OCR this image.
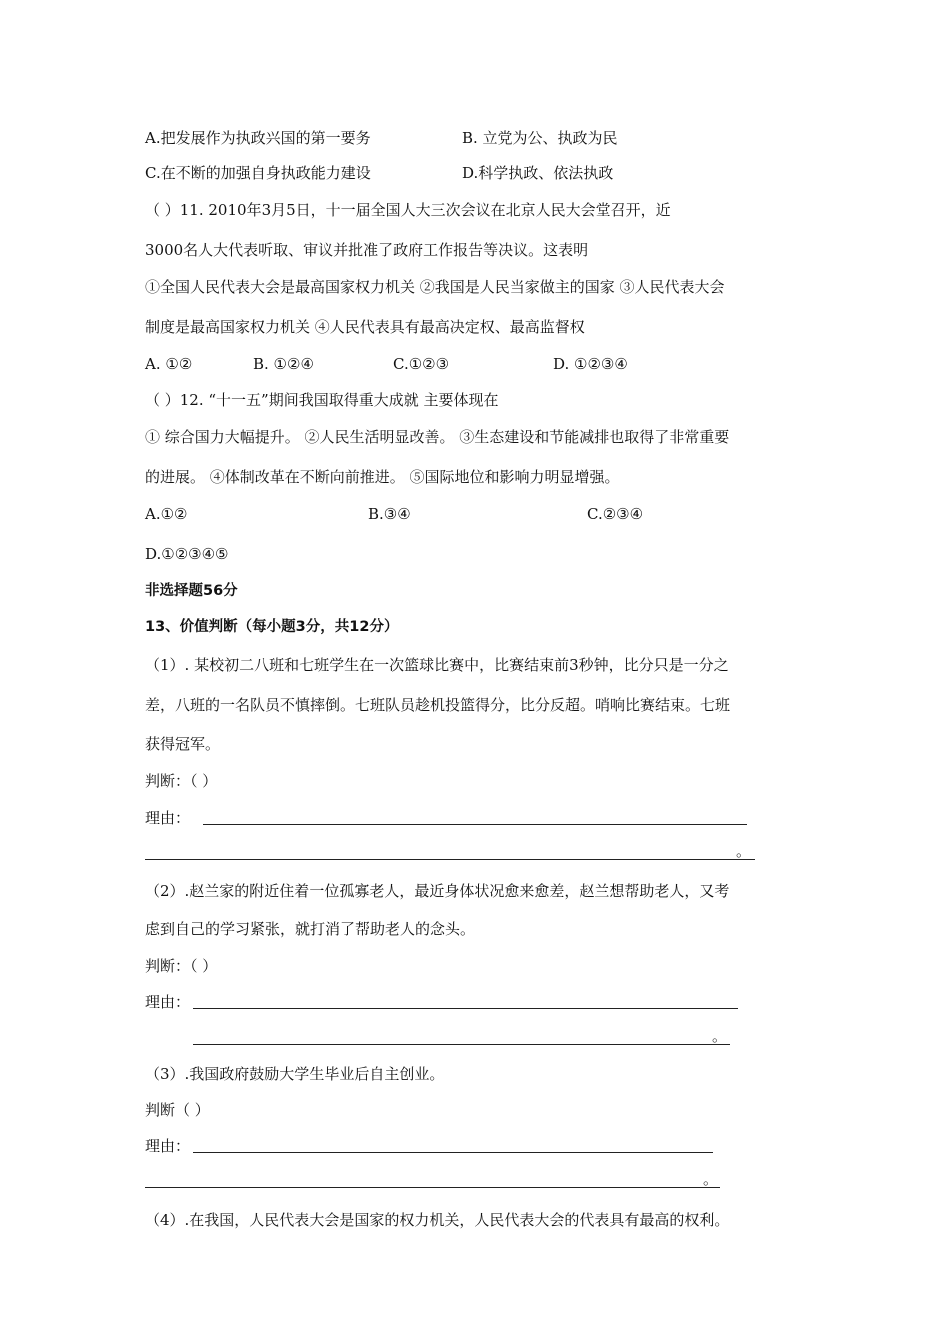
A.把发展作为执政兴国的第一要务	B. 立党为公、执政为民
C.在不断的加强自身执政能力建设	D.科学执政、依法执政
（ ）11. 2010年3月5日，十一届全国人大三次会议在北京人民大会堂召开，近
3000名人大代表听取、审议并批准了政府工作报告等决议。这表明
①全国人民代表大会是最高国家权力机关 ②我国是人民当家做主的国家 ③人民代表大会
制度是最高国家权力机关 ④人民代表具有最高决定权、最高监督权
A. ①②	B. ①②④	C.①②③	D. ①②③④
（ ）12. “十一五”期间我国取得重大成就 主要体现在
① 综合国力大幅提升。 ②人民生活明显改善。 ③生态建设和节能减排也取得了非常重要
的进展。 ④体制改革在不断向前推进。 ⑤国际地位和影响力明显增强。
A.①②	B.③④	C.②③④
D.①②③④⑤
非选择题56分
13、价值判断（每小题3分，共12分）
（1）. 某校初二八班和七班学生在一次篮球比赛中，比赛结束前3秒钟，比分只是一分之
差，八班的一名队员不慎摔倒。七班队员趁机投篮得分，比分反超。哨响比赛结束。七班
获得冠军。
判断：（ ）
理由：
。
（2）.赵兰家的附近住着一位孤寡老人，最近身体状况愈来愈差，赵兰想帮助老人，又考
虑到自己的学习紧张，就打消了帮助老人的念头。
判断：（ ）
理由：
。
（3）.我国政府鼓励大学生毕业后自主创业。
判断（ ）
理由：
。
（4）.在我国，人民代表大会是国家的权力机关，人民代表大会的代表具有最高的权利。
